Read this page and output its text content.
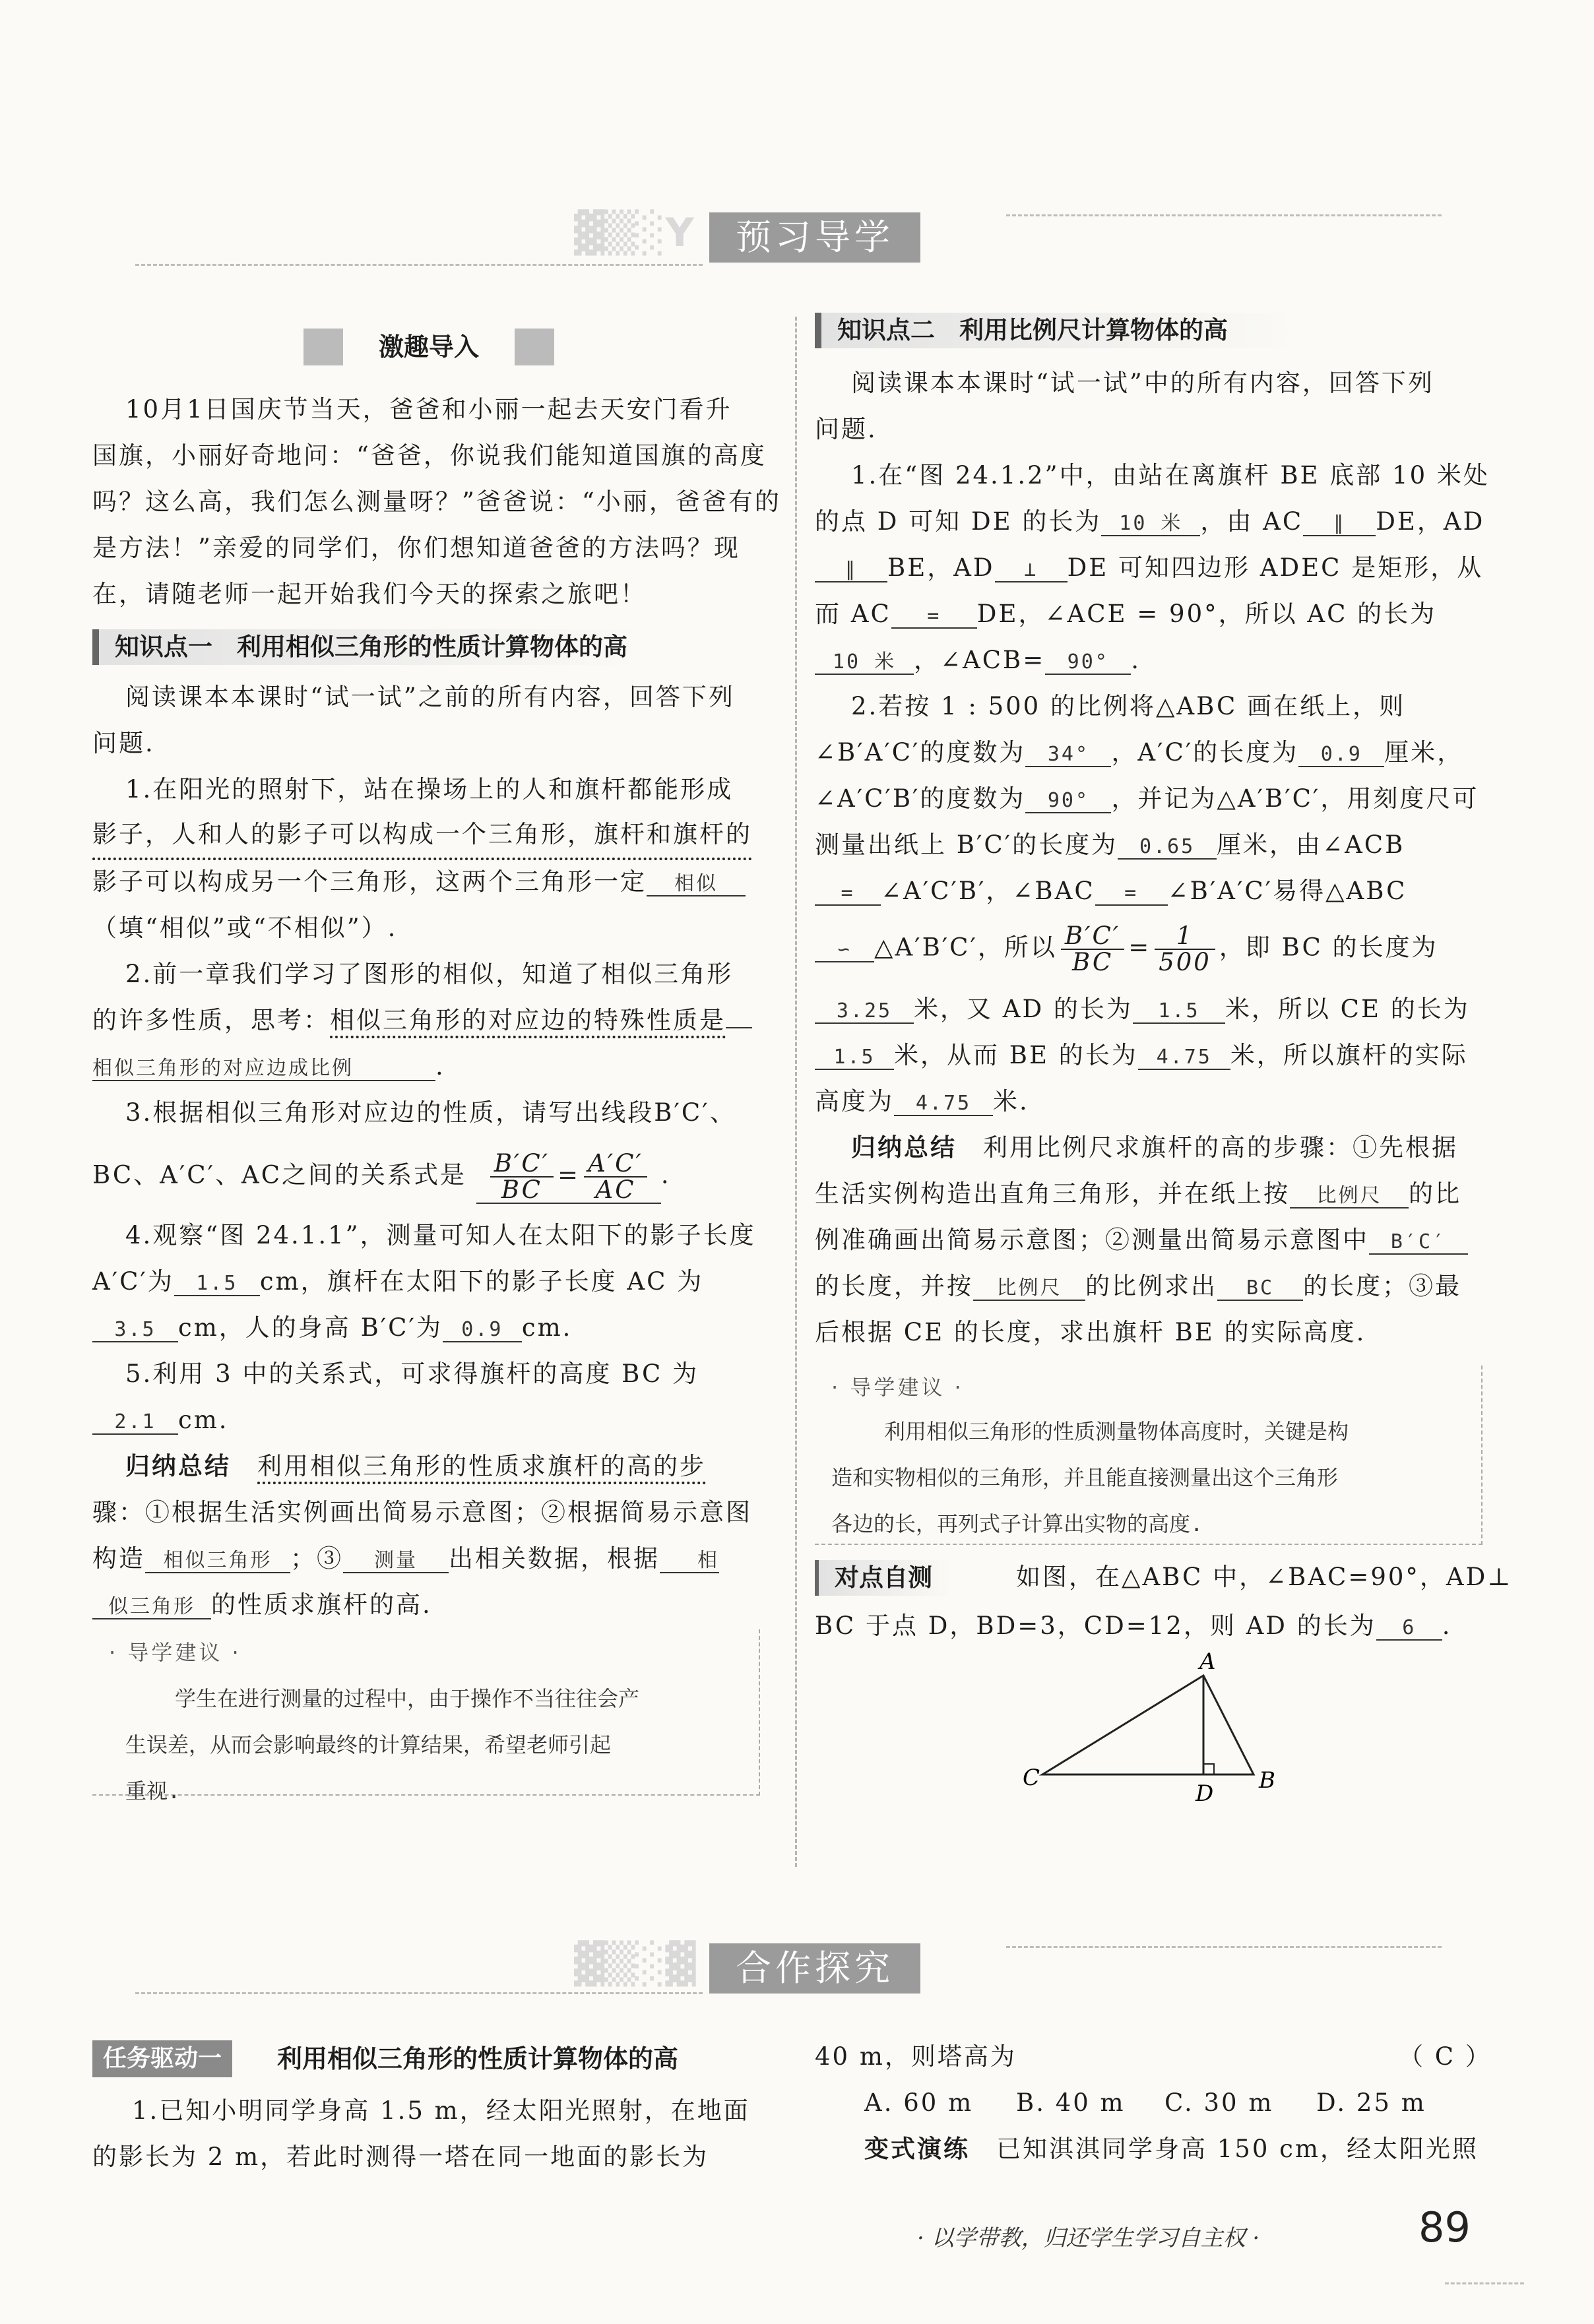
▓▒░Y	预习导学
激趣导入
10月1日国庆节当天，爸爸和小丽一起去天安门看升
国旗，小丽好奇地问：“爸爸，你说我们能知道国旗的高度
吗？这么高，我们怎么测量呀？”爸爸说：“小丽，爸爸有的
是方法！”亲爱的同学们，你们想知道爸爸的方法吗？现
在，请随老师一起开始我们今天的探索之旅吧！
知识点一　利用相似三角形的性质计算物体的高
阅读课本本课时“试一试”之前的所有内容，回答下列
问题.
1.在阳光的照射下，站在操场上的人和旗杆都能形成
影子，人和人的影子可以构成一个三角形，旗杆和旗杆的
影子可以构成另一个三角形，这两个三角形一定 相似
（填“相似”或“不相似”）.
2.前一章我们学习了图形的相似，知道了相似三角形
的许多性质，思考：相似三角形的对应边的特殊性质是
相似三角形的对应边成比例	.
3.根据相似三角形对应边的性质，请写出线段B′C′、
BC、A′C′、AC之间的关系式是 $\frac{B'C'}{BC} = \frac{A'C'}{AC}$ .
4.观察“图 24.1.1”，测量可知人在太阳下的影子长度
A′C′为 1.5 cm，旗杆在太阳下的影子长度 AC 为
3.5 cm，人的身高 B′C′为 0.9 cm.
5.利用 3 中的关系式，可求得旗杆的高度 BC 为
2.1 cm.
归纳总结　 利用相似三角形的性质求旗杆的高的步
骤：①根据生活实例画出简易示意图；②根据简易示意图
构造 相似三角形 ；③ 测量 出相关数据，根据 相
似三角形 的性质求旗杆的高.
· 导学建议 ·
学生在进行测量的过程中，由于操作不当往往会产
生误差，从而会影响最终的计算结果，希望老师引起
重视.
知识点二　利用比例尺计算物体的高
阅读课本本课时“试一试”中的所有内容，回答下列
问题.
1.在“图 24.1.2”中，由站在离旗杆 BE 底部 10 米处
的点 D 可知 DE 的长为 10 米 ，由 AC ∥ DE，AD
∥ BE，AD ⊥ DE 可知四边形 ADEC 是矩形，从
而 AC = DE，∠ACE = 90°，所以 AC 的长为
10 米 ，∠ACB= 90° .
2.若按 1 : 500 的比例将△ABC 画在纸上，则
∠B′A′C′的度数为 34° ，A′C′的长度为 0.9 厘米，
∠A′C′B′的度数为 90° ，并记为△A′B′C′，用刻度尺可
测量出纸上 B′C′的长度为 0.65 厘米，由∠ACB
= ∠A′C′B′，∠BAC = ∠B′A′C′易得△ABC
∽ △A′B′C′，所以 $\frac{B'C'}{BC} = \frac{1}{500}$ ，即 BC 的长度为
3.25 米，又 AD 的长为 1.5 米，所以 CE 的长为
1.5 米，从而 BE 的长为 4.75 米，所以旗杆的实际
高度为 4.75 米.
归纳总结　 利用比例尺求旗杆的高的步骤：①先根据
生活实例构造出直角三角形，并在纸上按 比例尺 的比
例准确画出简易示意图；②测量出简易示意图中 B′C′
的长度，并按 比例尺 的比例求出 BC 的长度；③最
后根据 CE 的长度，求出旗杆 BE 的实际高度.
· 导学建议 ·
利用相似三角形的性质测量物体高度时，关键是构
造和实物相似的三角形，并且能直接测量出这个三角形
各边的长，再列式子计算出实物的高度.
对点自测	如图，在△ABC 中，∠BAC=90°，AD⊥
BC 于点 D，BD=3，CD=12，则 AD 的长为 6 .
A
B
C
D
▓▒░▓	合作探究
任务驱动一	利用相似三角形的性质计算物体的高
1.已知小明同学身高 1.5 m，经太阳光照射，在地面
的影长为 2 m，若此时测得一塔在同一地面的影长为
40 m，则塔高为	（ C ）
A. 60 m B. 40 m C. 30 m D. 25 m
变式演练　 已知淇淇同学身高 150 cm，经太阳光照
· 以学带教，归还学生学习自主权 ·	89
